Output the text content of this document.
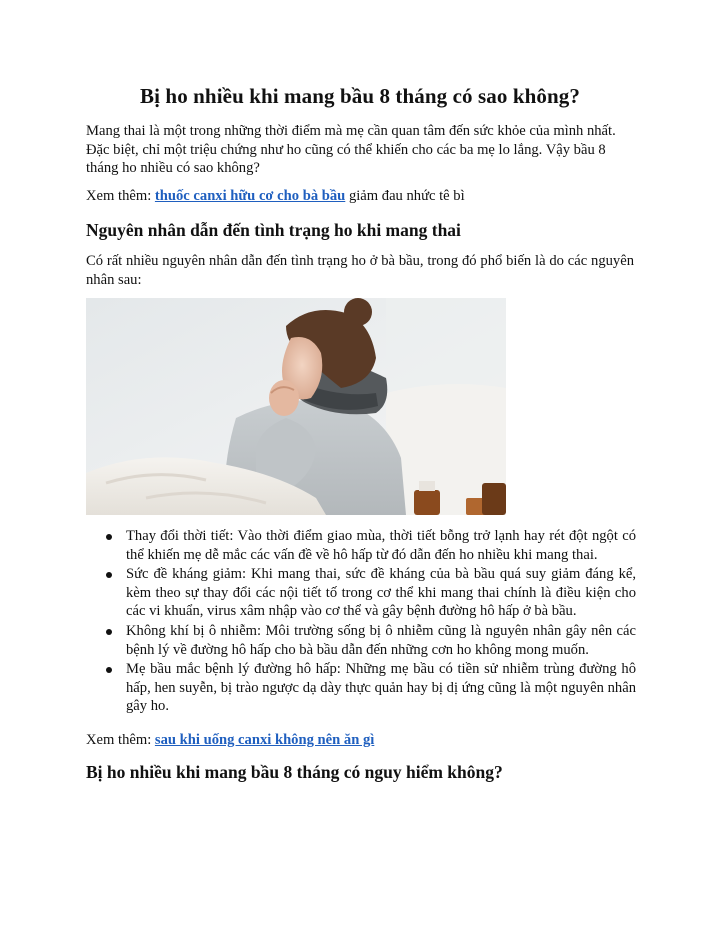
Bị ho nhiều khi mang bầu 8 tháng có sao không?

Mang thai là một trong những thời điểm mà mẹ cần quan tâm đến sức khỏe của mình nhất. Đặc biệt, chỉ một triệu chứng như ho cũng có thể khiến cho các ba mẹ lo lắng. Vậy bầu 8 tháng ho nhiều có sao không?

Xem thêm: thuốc canxi hữu cơ cho bà bầu giảm đau nhức tê bì

Nguyên nhân dẫn đến tình trạng ho khi mang thai

Có rất nhiều nguyên nhân dẫn đến tình trạng ho ở bà bầu, trong đó phổ biến là do các nguyên nhân sau:

Thay đổi thời tiết: Vào thời điểm giao mùa, thời tiết bỗng trở lạnh hay rét đột ngột có thể khiến mẹ dễ mắc các vấn đề về hô hấp từ đó dẫn đến ho nhiều khi mang thai.
Sức đề kháng giảm: Khi mang thai, sức đề kháng của bà bầu quá suy giảm đáng kể, kèm theo sự thay đổi các nội tiết tố trong cơ thể khi mang thai chính là điều kiện cho các vi khuẩn, virus xâm nhập vào cơ thể và gây bệnh đường hô hấp ở bà bầu.
Không khí bị ô nhiễm: Môi trường sống bị ô nhiễm cũng là nguyên nhân gây nên các bệnh lý về đường hô hấp cho bà bầu dẫn đến những cơn ho không mong muốn.
Mẹ bầu mắc bệnh lý đường hô hấp: Những mẹ bầu có tiền sử nhiễm trùng đường hô hấp, hen suyễn, bị trào ngược dạ dày thực quản hay bị dị ứng cũng là một nguyên nhân gây ho.

Xem thêm: sau khi uống canxi không nên ăn gì

Bị ho nhiều khi mang bầu 8 tháng có nguy hiểm không?
